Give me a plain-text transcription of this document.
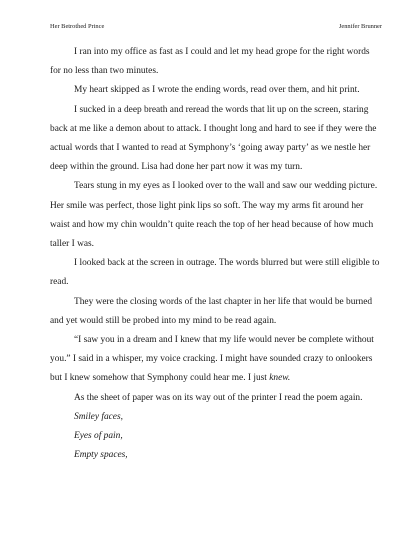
Her Betrothed Prince	Jennifer Brunner

I ran into my office as fast as I could and let my head grope for the right words for no less than two minutes.

My heart skipped as I wrote the ending words, read over them, and hit print.

I sucked in a deep breath and reread the words that lit up on the screen, staring back at me like a demon about to attack. I thought long and hard to see if they were the actual words that I wanted to read at Symphony’s ‘going away party’ as we nestle her deep within the ground. Lisa had done her part now it was my turn.

Tears stung in my eyes as I looked over to the wall and saw our wedding picture. Her smile was perfect, those light pink lips so soft. The way my arms fit around her waist and how my chin wouldn’t quite reach the top of her head because of how much taller I was.

I looked back at the screen in outrage. The words blurred but were still eligible to read.

They were the closing words of the last chapter in her life that would be burned and yet would still be probed into my mind to be read again.

“I saw you in a dream and I knew that my life would never be complete without you.” I said in a whisper, my voice cracking. I might have sounded crazy to onlookers but I knew somehow that Symphony could hear me. I just knew.

As the sheet of paper was on its way out of the printer I read the poem again.

Smiley faces,

Eyes of pain,

Empty spaces,
